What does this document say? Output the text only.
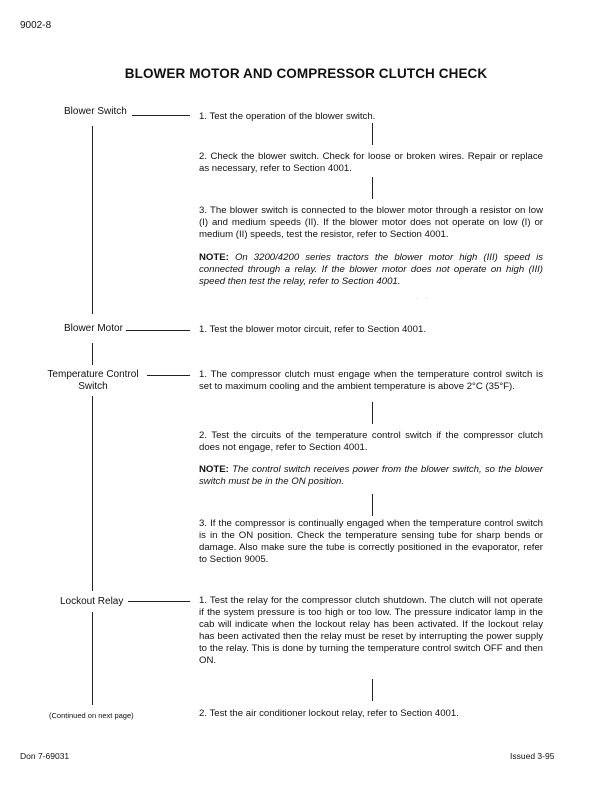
9002-8
BLOWER MOTOR AND COMPRESSOR CLUTCH CHECK
Blower Switch	1. Test the operation of the blower switch.
2. Check the blower switch. Check for loose or broken wires. Repair or replace as necessary, refer to Section 4001.
3. The blower switch is connected to the blower motor through a resistor on low (I) and medium speeds (II). If the blower motor does not operate on low (I) or medium (II) speeds, test the resistor, refer to Section 4001.
NOTE: On 3200/4200 series tractors the blower motor high (III) speed is connected through a relay. If the blower motor does not operate on high (III) speed then test the relay, refer to Section 4001.
· ·
Blower Motor	1. Test the blower motor circuit, refer to Section 4001.
Temperature Control
Switch
1. The compressor clutch must engage when the temperature control switch is set to maximum cooling and the ambient temperature is above 2°C (35°F).
2. Test the circuits of the temperature control switch if the compressor clutch does not engage, refer to Section 4001.
NOTE: The control switch receives power from the blower switch, so the blower switch must be in the ON position.
3. If the compressor is continually engaged when the temperature control switch is in the ON position. Check the temperature sensing tube for sharp bends or damage. Also make sure the tube is correctly positioned in the evaporator, refer to Section 9005.
Lockout Relay	1. Test the relay for the compressor clutch shutdown. The clutch will not operate if the system pressure is too high or too low. The pressure indicator lamp in the cab will indicate when the lockout relay has been activated. If the lockout relay has been activated then the relay must be reset by interrupting the power supply to the relay. This is done by turning the temperature control switch OFF and then ON.
2. Test the air conditioner lockout relay, refer to Section 4001.
(Continued on next page)
Don 7-69031	Issued 3-95
